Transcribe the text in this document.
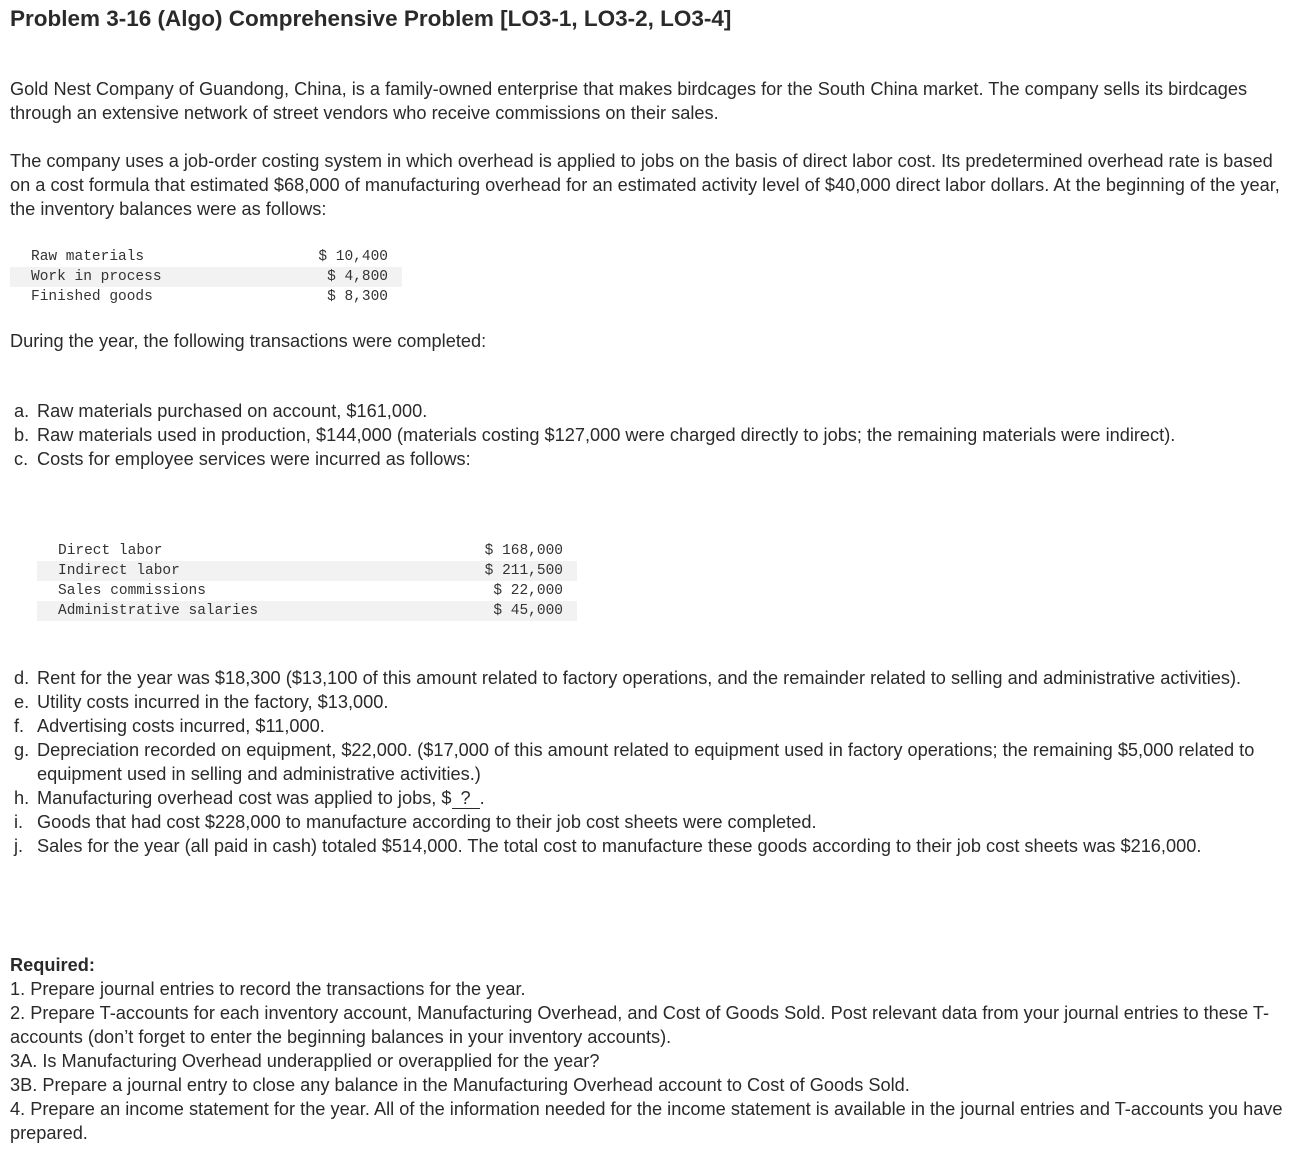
Problem 3-16 (Algo) Comprehensive Problem [LO3-1, LO3-2, LO3-4]

Gold Nest Company of Guandong, China, is a family-owned enterprise that makes birdcages for the South China market. The company sells its birdcages through an extensive network of street vendors who receive commissions on their sales.

The company uses a job-order costing system in which overhead is applied to jobs on the basis of direct labor cost. Its predetermined overhead rate is based on a cost formula that estimated $68,000 of manufacturing overhead for an estimated activity level of $40,000 direct labor dollars. At the beginning of the year, the inventory balances were as follows:

Raw materials	$ 10,400
Work in process	$ 4,800
Finished goods	$ 8,300

During the year, the following transactions were completed:

a. Raw materials purchased on account, $161,000.
b. Raw materials used in production, $144,000 (materials costing $127,000 were charged directly to jobs; the remaining materials were indirect).
c. Costs for employee services were incurred as follows:
Direct labor	$ 168,000
Indirect labor	$ 211,500
Sales commissions	$ 22,000
Administrative salaries	$ 45,000
d. Rent for the year was $18,300 ($13,100 of this amount related to factory operations, and the remainder related to selling and administrative activities).
e. Utility costs incurred in the factory, $13,000.
f. Advertising costs incurred, $11,000.
g. Depreciation recorded on equipment, $22,000. ($17,000 of this amount related to equipment used in factory operations; the remaining $5,000 related to equipment used in selling and administrative activities.)
h. Manufacturing overhead cost was applied to jobs, $ ? .
i. Goods that had cost $228,000 to manufacture according to their job cost sheets were completed.
j. Sales for the year (all paid in cash) totaled $514,000. The total cost to manufacture these goods according to their job cost sheets was $216,000.

Required:

1. Prepare journal entries to record the transactions for the year.

2. Prepare T-accounts for each inventory account, Manufacturing Overhead, and Cost of Goods Sold. Post relevant data from your journal entries to these T-accounts (don’t forget to enter the beginning balances in your inventory accounts).

3A. Is Manufacturing Overhead underapplied or overapplied for the year?

3B. Prepare a journal entry to close any balance in the Manufacturing Overhead account to Cost of Goods Sold.

4. Prepare an income statement for the year. All of the information needed for the income statement is available in the journal entries and T-accounts you have prepared.
